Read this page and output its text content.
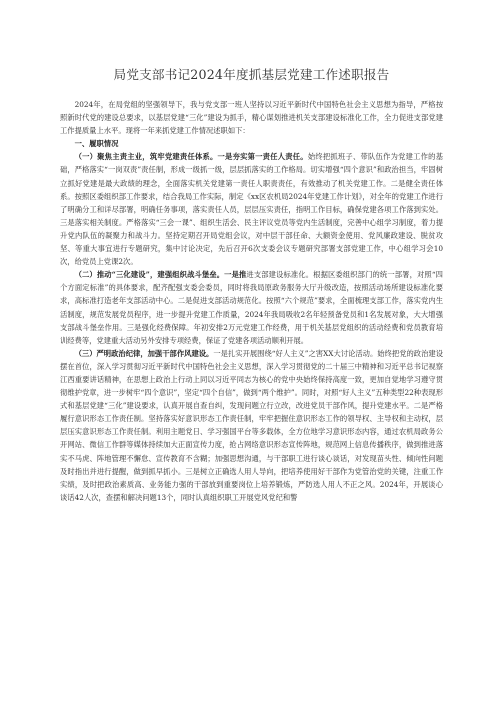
局党支部书记2024年度抓基层党建工作述职报告

2024年，在局党组的坚强领导下，我与党支部一班人坚持以习近平新时代中国特色社会主义思想为指导，严格按照新时代党的建设总要求，以基层党建“三化”建设为抓手，精心谋划推进机关支部建设标准化工作，全力促进支部党建工作提质量上水平。现将一年来抓党建工作情况述职如下：

一、履职情况

（一）聚焦主责主业，筑牢党建责任体系。一是夯实第一责任人责任。始终把抓班子、带队伍作为党建工作的基础，严格落实“一岗双责”责任制，形成一级抓一级，层层抓落实的工作格局。切实增强“四个意识”和政治担当，牢固树立抓好党建是最大政绩的理念，全面落实机关党建第一责任人职责责任，有效推动了机关党建工作。二是健全责任体系。按照区委组织部工作要求，结合我局工作实际，制定《xx区农机局2024年党建工作计划》，对全年的党建工作进行了明确分工和详尽部署，明确任务事项，落实责任人员，层层压实责任，指明工作目标，确保党建各项工作落到实处。三是落实相关制度。严格落实“三会一课”、组织生活会、民主评议党员等党内生活制度，完善中心组学习制度，着力提升党内队伍的凝聚力和战斗力。坚持定期召开局党组会议，对中层干部任命、大额资金使用、党风廉政建设、脱贫攻坚、等重大事宜进行专题研究，集中讨论决定，先后召开6次支委会议专题研究部署支部党建工作，中心组学习会10次，给党员上党课2次。

（二）推动“三化建设”，建强组织战斗堡垒。一是推进支部建设标准化。根据区委组织部门的统一部署，对照“四个方面定标准”的具体要求，配齐配强支委会委员，同时将我局原政务服务大厅升级改造，按照活动场所建设标准化要求，高标准打造老年支部活动中心。二是促进支部活动规范化。按照“六个规范”要求，全面梳理支部工作，落实党内生活制度，规范发展党员程序，进一步提升党建工作质量，2024年我局吸收2名年轻预备党员和1名发展对象，大大增强支部战斗堡垒作用。三是强化经费保障。年初安排2万元党建工作经费，用于机关基层党组织的活动经费和党员教育培训经费等，党建重大活动另外安排专项经费，保证了党建各项活动顺利开展。

（三）严明政治纪律，加强干部作风建设。一是扎实开展围绕“好人主义”之害XX大讨论活动。始终把党的政治建设摆在首位，深入学习贯彻习近平新时代中国特色社会主义思想，深入学习贯彻党的二十届三中精神和习近平总书记视察江西重要讲话精神，在思想上政治上行动上同以习近平同志为核心的党中央始终保持高度一致，更加自觉地学习遵守贯彻维护党章，进一步树牢“四个意识”，坚定“四个自信”，做到“两个维护”。同时，对照“好人主义”五种类型22种表现形式和基层党建“三化”建设要求，认真开展自查自纠，发现问题立行立改，改进党员干部作风，提升党建水平。二是严格履行意识形态工作责任制。坚持落实好意识形态工作责任制，牢牢把握住意识形态工作的领导权、主导权和主动权，层层压实意识形态工作责任制。利用主题党日、学习强国平台等多载体，全方位地学习意识形态内容，通过农机局政务公开网站、微信工作群等媒体持续加大正面宣传力度，抢占网络意识形态宣传阵地，规范网上信息传播秩序，做到推进落实不马虎、阵地管理不懈怠、宣传教育不含糊；加强思想沟通，与干部职工进行谈心谈话，对发现苗头性、倾向性问题及时指出并进行提醒，做到抓早抓小。三是树立正确选人用人导向，把培养使用好干部作为党管治党的关键，注重工作实绩，及时把政治素质高、业务能力强的干部放到重要岗位上培养锻炼，严防选人用人不正之风。2024年，开展谈心谈话42人次，查摆和解决问题13个，同时认真组织职工开展党风党纪和警
